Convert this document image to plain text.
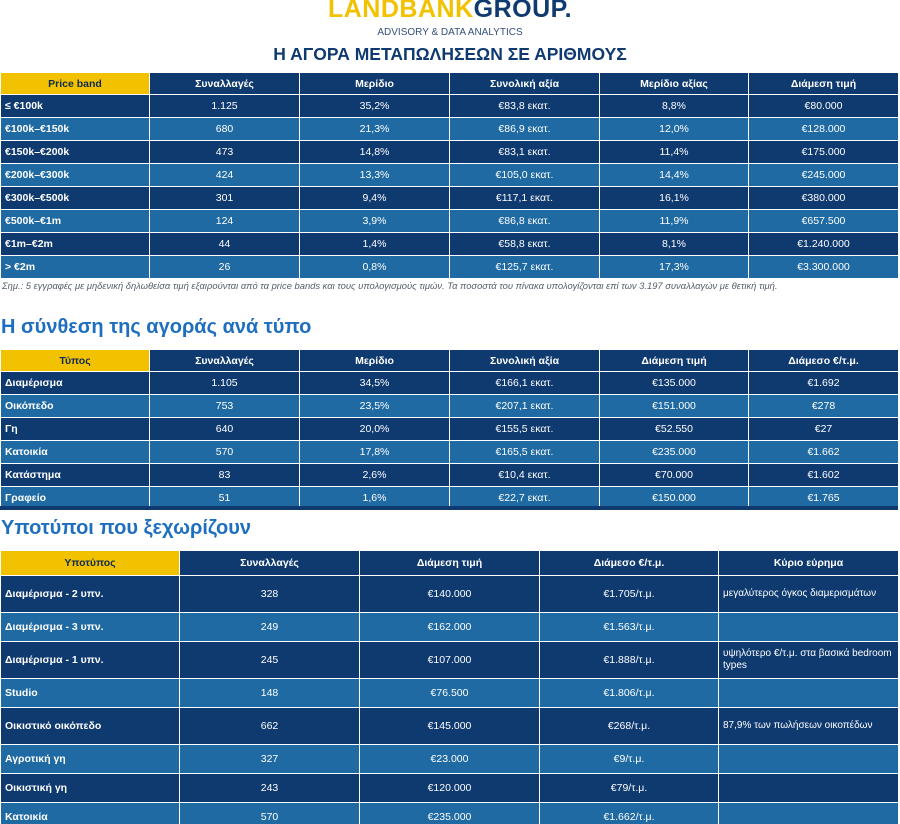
LANDBANKGROUP.
ADVISORY & DATA ANALYTICS
Η ΑΓΟΡΑ ΜΕΤΑΠΩΛΗΣΕΩΝ ΣΕ ΑΡΙΘΜΟΥΣ
Price band	Συναλλαγές	Μερίδιο	Συνολική αξία	Μερίδιο αξίας	Διάμεση τιμή
≤ €100k	1.125	35,2%	€83,8 εκατ.	8,8%	€80.000
€100k–€150k	680	21,3%	€86,9 εκατ.	12,0%	€128.000
€150k–€200k	473	14,8%	€83,1 εκατ.	11,4%	€175.000
€200k–€300k	424	13,3%	€105,0 εκατ.	14,4%	€245.000
€300k–€500k	301	9,4%	€117,1 εκατ.	16,1%	€380.000
€500k–€1m	124	3,9%	€86,8 εκατ.	11,9%	€657.500
€1m–€2m	44	1,4%	€58,8 εκατ.	8,1%	€1.240.000
> €2m	26	0,8%	€125,7 εκατ.	17,3%	€3.300.000
Σημ.: 5 εγγραφές με μηδενική δηλωθείσα τιμή εξαιρούνται από τα price bands και τους υπολογισμούς τιμών. Τα ποσοστά του πίνακα υπολογίζονται επί των 3.197 συναλλαγών με θετική τιμή.
Η σύνθεση της αγοράς ανά τύπο
Τύπος	Συναλλαγές	Μερίδιο	Συνολική αξία	Διάμεση τιμή	Διάμεσο €/τ.μ.
Διαμέρισμα	1.105	34,5%	€166,1 εκατ.	€135.000	€1.692
Οικόπεδο	753	23,5%	€207,1 εκατ.	€151.000	€278
Γη	640	20,0%	€155,5 εκατ.	€52.550	€27
Κατοικία	570	17,8%	€165,5 εκατ.	€235.000	€1.662
Κατάστημα	83	2,6%	€10,4 εκατ.	€70.000	€1.602
Γραφείο	51	1,6%	€22,7 εκατ.	€150.000	€1.765
Υποτύποι που ξεχωρίζουν
Υποτύπος	Συναλλαγές	Διάμεση τιμή	Διάμεσο €/τ.μ.	Κύριο εύρημα
Διαμέρισμα - 2 υπν.	328	€140.000	€1.705/τ.μ.	μεγαλύτερος όγκος διαμερισμάτων
Διαμέρισμα - 3 υπν.	249	€162.000	€1.563/τ.μ.	
Διαμέρισμα - 1 υπν.	245	€107.000	€1.888/τ.μ.	υψηλότερο €/τ.μ. στα βασικά bedroom types
Studio	148	€76.500	€1.806/τ.μ.	
Οικιστικό οικόπεδο	662	€145.000	€268/τ.μ.	87,9% των πωλήσεων οικοπέδων
Αγροτική γη	327	€23.000	€9/τ.μ.	
Οικιστική γη	243	€120.000	€79/τ.μ.	
Κατοικία	570	€235.000	€1.662/τ.μ.	
